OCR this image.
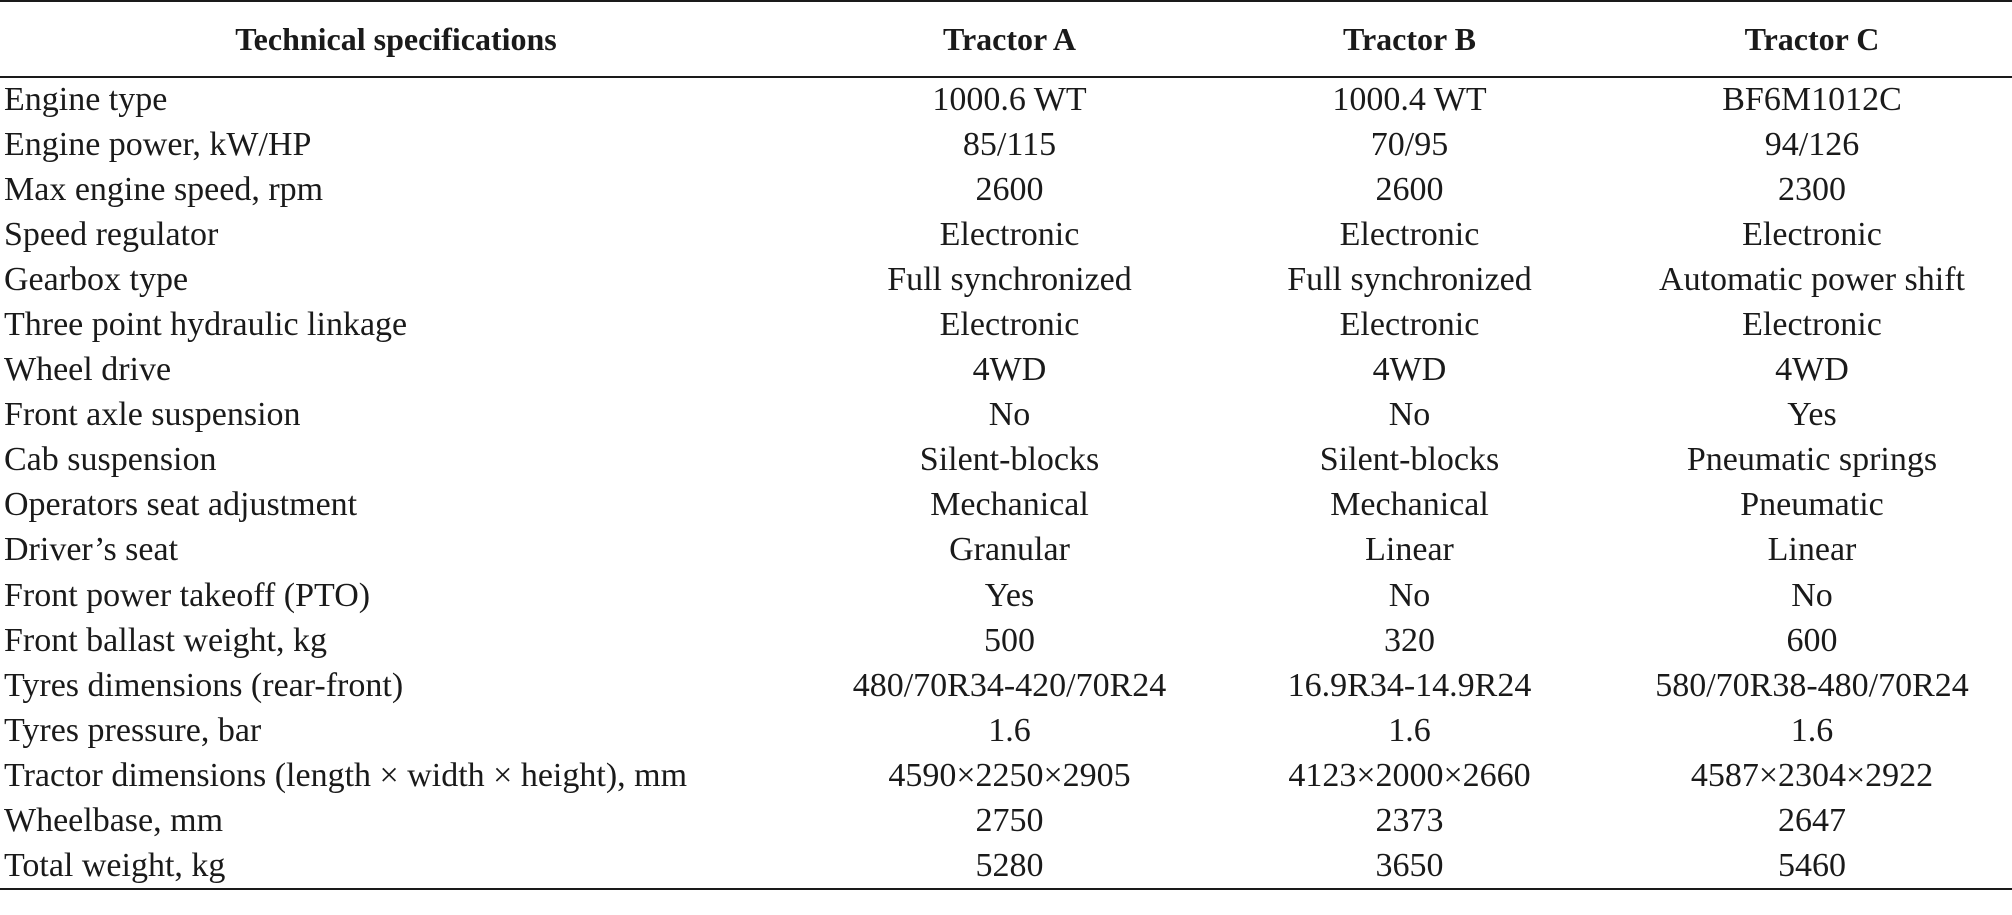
Technical specifications	Tractor A	Tractor B	Tractor C
Engine type	1000.6 WT	1000.4 WT	BF6M1012C
Engine power, kW/HP	85/115	70/95	94/126
Max engine speed, rpm	2600	2600	2300
Speed regulator	Electronic	Electronic	Electronic
Gearbox type	Full synchronized	Full synchronized	Automatic power shift
Three point hydraulic linkage	Electronic	Electronic	Electronic
Wheel drive	4WD	4WD	4WD
Front axle suspension	No	No	Yes
Cab suspension	Silent-blocks	Silent-blocks	Pneumatic springs
Operators seat adjustment	Mechanical	Mechanical	Pneumatic
Driver’s seat	Granular	Linear	Linear
Front power takeoff (PTO)	Yes	No	No
Front ballast weight, kg	500	320	600
Tyres dimensions (rear-front)	480/70R34-420/70R24	16.9R34-14.9R24	580/70R38-480/70R24
Tyres pressure, bar	1.6	1.6	1.6
Tractor dimensions (length × width × height), mm	4590×2250×2905	4123×2000×2660	4587×2304×2922
Wheelbase, mm	2750	2373	2647
Total weight, kg	5280	3650	5460
